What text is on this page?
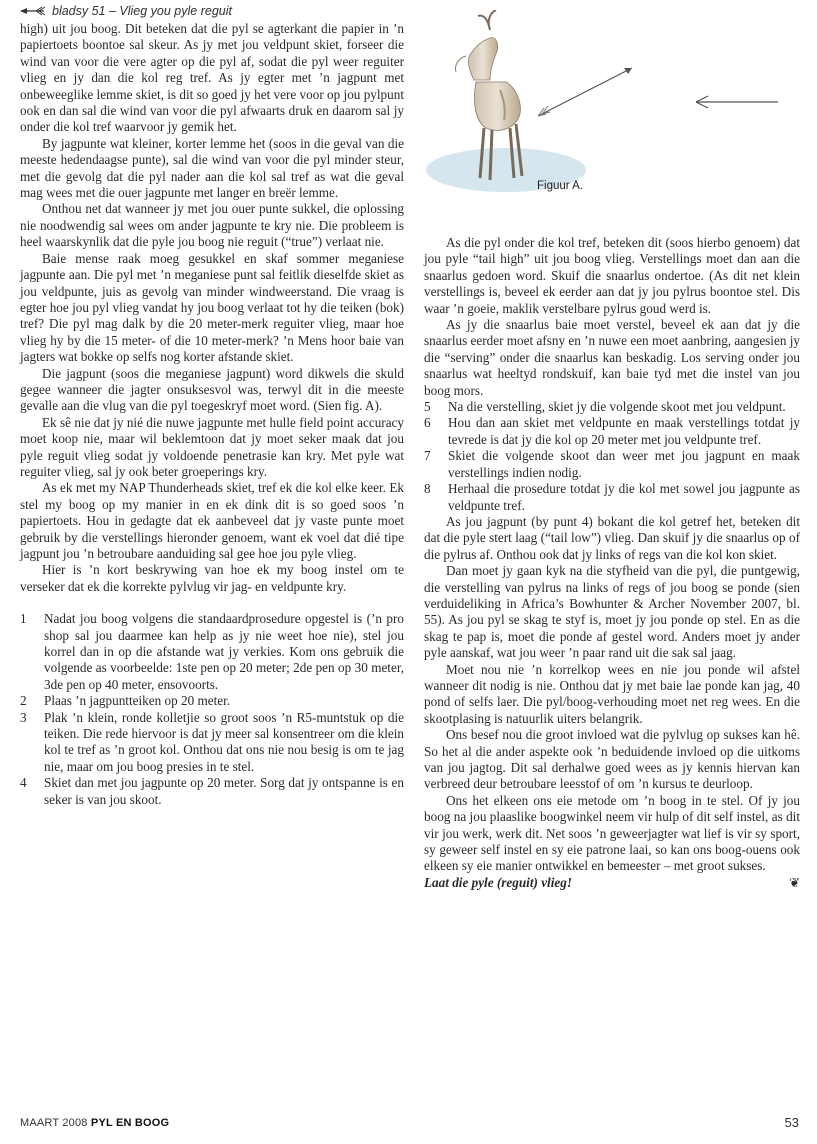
bladsy 51 – Vlieg you pyle reguit
Figuur A.

high) uit jou boog. Dit beteken dat die pyl se agterkant die papier in ’n papiertoets boontoe sal skeur. As jy met jou veldpunt skiet, forseer die wind van voor die vere agter op die pyl af, sodat die pyl weer reguiter vlieg en jy dan die kol reg tref. As jy egter met ’n jagpunt met onbeweeglike lemme skiet, is dit so goed jy het vere voor op jou pylpunt ook en dan sal die wind van voor die pyl afwaarts druk en daarom sal jy onder die kol tref waarvoor jy gemik het.

By jagpunte wat kleiner, korter lemme het (soos in die geval van die meeste hedendaagse punte), sal die wind van voor die pyl minder steur, met die gevolg dat die pyl nader aan die kol sal tref as wat die geval mag wees met die ouer jagpunte met langer en breër lemme.

Onthou net dat wanneer jy met jou ouer punte sukkel, die oplossing nie noodwendig sal wees om ander jagpunte te kry nie. Die probleem is heel waarskynlik dat die pyle jou boog nie reguit (“true”) verlaat nie.

Baie mense raak moeg gesukkel en skaf sommer meganiese jagpunte aan. Die pyl met ’n meganiese punt sal feitlik dieselfde skiet as jou veldpunte, juis as gevolg van minder windweerstand. Die vraag is egter hoe jou pyl vlieg vandat hy jou boog verlaat tot hy die teiken (bok) tref? Die pyl mag dalk by die 20 meter-merk reguiter vlieg, maar hoe vlieg hy by die 15 meter- of die 10 meter-merk? ’n Mens hoor baie van jagters wat bokke op selfs nog korter afstande skiet.

Die jagpunt (soos die meganiese jagpunt) word dikwels die skuld gegee wanneer die jagter onsuksesvol was, terwyl dit in die meeste gevalle aan die vlug van die pyl toegeskryf moet word. (Sien fig. A).

Ek sê nie dat jy nié die nuwe jagpunte met hulle field point accuracy moet koop nie, maar wil beklemtoon dat jy moet seker maak dat jou pyle reguit vlieg sodat jy voldoende penetrasie kan kry. Met pyle wat reguiter vlieg, sal jy ook beter groeperings kry.

As ek met my NAP Thunderheads skiet, tref ek die kol elke keer. Ek stel my boog op my manier in en ek dink dit is so goed soos ’n papiertoets. Hou in gedagte dat ek aanbeveel dat jy vaste punte moet gebruik by die verstellings hieronder genoem, want ek voel dat dié tipe jagpunt jou ’n betroubare aanduiding sal gee hoe jou pyle vlieg.

Hier is ’n kort beskrywing van hoe ek my boog instel om te verseker dat ek die korrekte pylvlug vir jag- en veldpunte kry.

1 Nadat jou boog volgens die standaardprosedure opgestel is (’n pro shop sal jou daarmee kan help as jy nie weet hoe nie), stel jou korrel dan in op die afstande wat jy verkies. Kom ons gebruik die volgende as voorbeelde: 1ste pen op 20 meter; 2de pen op 30 meter, 3de pen op 40 meter, ensovoorts.
2 Plaas ’n jagpuntteiken op 20 meter.
3 Plak ’n klein, ronde kolletjie so groot soos ’n R5-muntstuk op die teiken. Die rede hiervoor is dat jy meer sal konsentreer om die klein kol te tref as ’n groot kol. Onthou dat ons nie nou besig is om te jag nie, maar om jou boog presies in te stel.
4 Skiet dan met jou jagpunte op 20 meter. Sorg dat jy ontspanne is en seker is van jou skoot.

As die pyl onder die kol tref, beteken dit (soos hierbo genoem) dat jou pyle “tail high” uit jou boog vlieg. Verstellings moet dan aan die snaarlus gedoen word. Skuif die snaarlus ondertoe. (As dit net klein verstellings is, beveel ek eerder aan dat jy jou pylrus boontoe stel. Dis waar ’n goeie, maklik verstelbare pylrus goud werd is.

As jy die snaarlus baie moet verstel, beveel ek aan dat jy die snaarlus eerder moet afsny en ’n nuwe een moet aanbring, aangesien jy die “serving” onder die snaarlus kan beskadig. Los serving onder jou snaarlus wat heeltyd rondskuif, kan baie tyd met die instel van jou boog mors.

5 Na die verstelling, skiet jy die volgende skoot met jou veldpunt.
6 Hou dan aan skiet met veldpunte en maak verstellings totdat jy tevrede is dat jy die kol op 20 meter met jou veldpunte tref.
7 Skiet die volgende skoot dan weer met jou jagpunt en maak verstellings indien nodig.
8 Herhaal die prosedure totdat jy die kol met sowel jou jagpunte as veldpunte tref.

As jou jagpunt (by punt 4) bokant die kol getref het, beteken dit dat die pyle stert laag (“tail low”) vlieg. Dan skuif jy die snaarlus op of die pylrus af. Onthou ook dat jy links of regs van die kol kon skiet.

Dan moet jy gaan kyk na die styfheid van die pyl, die puntgewig, die verstelling van pylrus na links of regs of jou boog se ponde (sien verduideliking in Africa’s Bowhunter & Archer November 2007, bl. 55). As jou pyl se skag te styf is, moet jy jou ponde op stel. En as die skag te pap is, moet die ponde af gestel word. Anders moet jy ander pyle aanskaf, wat jou weer ’n paar rand uit die sak sal jaag.

Moet nou nie ’n korrelkop wees en nie jou ponde wil afstel wanneer dit nodig is nie. Onthou dat jy met baie lae ponde kan jag, 40 pond of selfs laer. Die pyl/boog-verhouding moet net reg wees. En die skootplasing is natuurlik uiters belangrik.

Ons besef nou die groot invloed wat die pylvlug op sukses kan hê. So het al die ander aspekte ook ’n beduidende invloed op die uitkoms van jou jagtog. Dit sal derhalwe goed wees as jy kennis hiervan kan verbreed deur betroubare leesstof of om ’n kursus te deurloop.

Ons het elkeen ons eie metode om ’n boog in te stel. Of jy jou boog na jou plaaslike boogwinkel neem vir hulp of dit self instel, as dit vir jou werk, werk dit. Net soos ’n geweerjagter wat lief is vir sy sport, sy geweer self instel en sy eie patrone laai, so kan ons boog-ouens ook elkeen sy eie manier ontwikkel en bemeester – met groot sukses.

Laat die pyle (reguit) vlieg!	❦

MAART 2008 PYL EN BOOG	53
